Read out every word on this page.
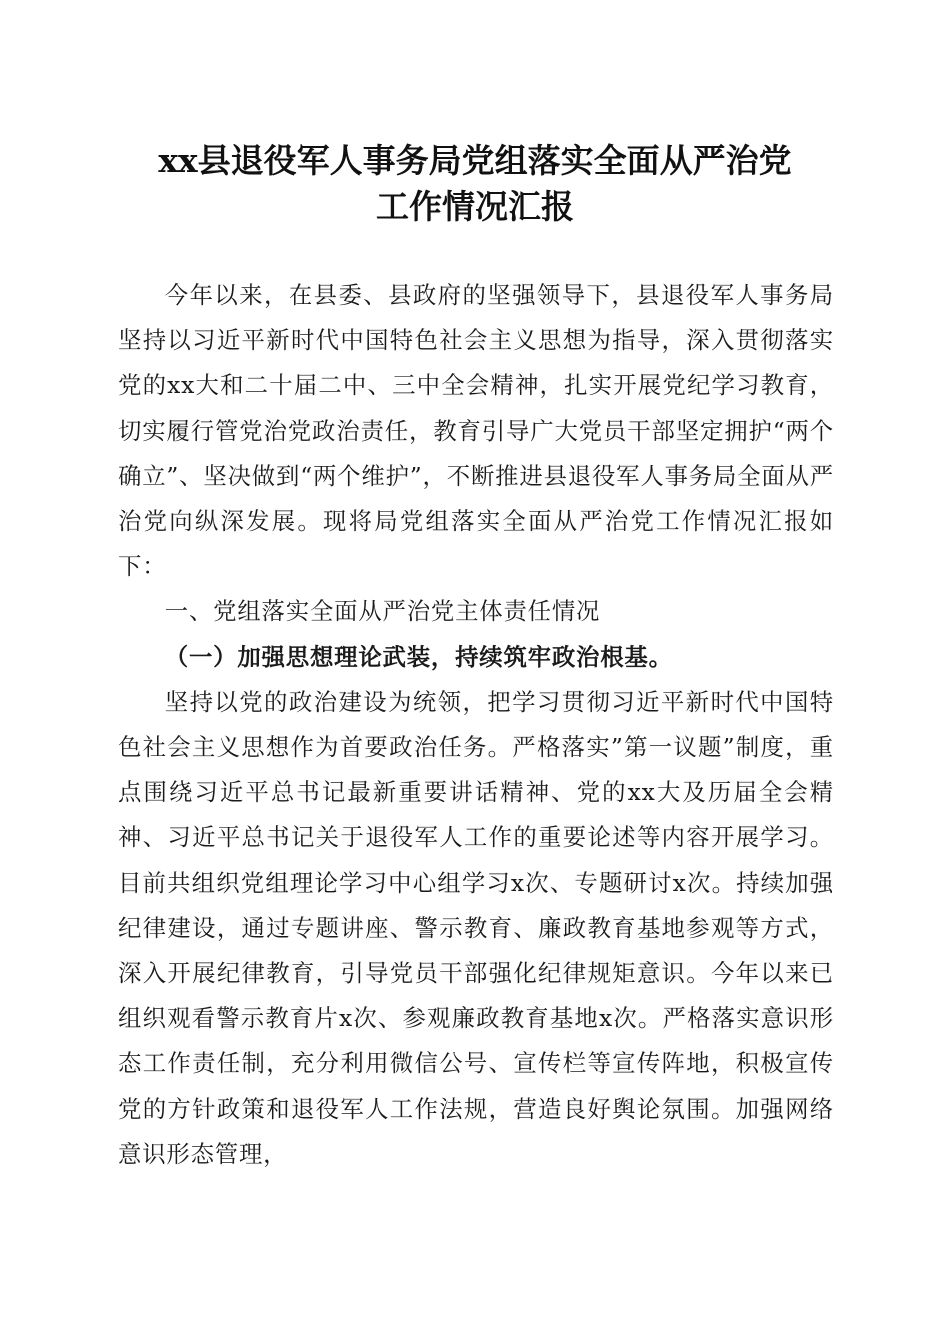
xx县退役军人事务局党组落实全面从严治党
工作情况汇报

今年以来，在县委、县政府的坚强领导下，县退役军人事务局坚持以习近平新时代中国特色社会主义思想为指导，深入贯彻落实党的xx大和二十届二中、三中全会精神，扎实开展党纪学习教育，切实履行管党治党政治责任，教育引导广大党员干部坚定拥护“两个确立”、坚决做到“两个维护”，不断推进县退役军人事务局全面从严治党向纵深发展。现将局党组落实全面从严治党工作情况汇报如下：

一、党组落实全面从严治党主体责任情况

（一）加强思想理论武装，持续筑牢政治根基。

坚持以党的政治建设为统领，把学习贯彻习近平新时代中国特色社会主义思想作为首要政治任务。严格落实”第一议题”制度，重点围绕习近平总书记最新重要讲话精神、党的xx大及历届全会精神、习近平总书记关于退役军人工作的重要论述等内容开展学习。目前共组织党组理论学习中心组学习x次、专题研讨x次。持续加强纪律建设，通过专题讲座、警示教育、廉政教育基地参观等方式，深入开展纪律教育，引导党员干部强化纪律规矩意识。今年以来已组织观看警示教育片x次、参观廉政教育基地x次。严格落实意识形态工作责任制，充分利用微信公号、宣传栏等宣传阵地，积极宣传党的方针政策和退役军人工作法规，营造良好舆论氛围。加强网络意识形态管理，
